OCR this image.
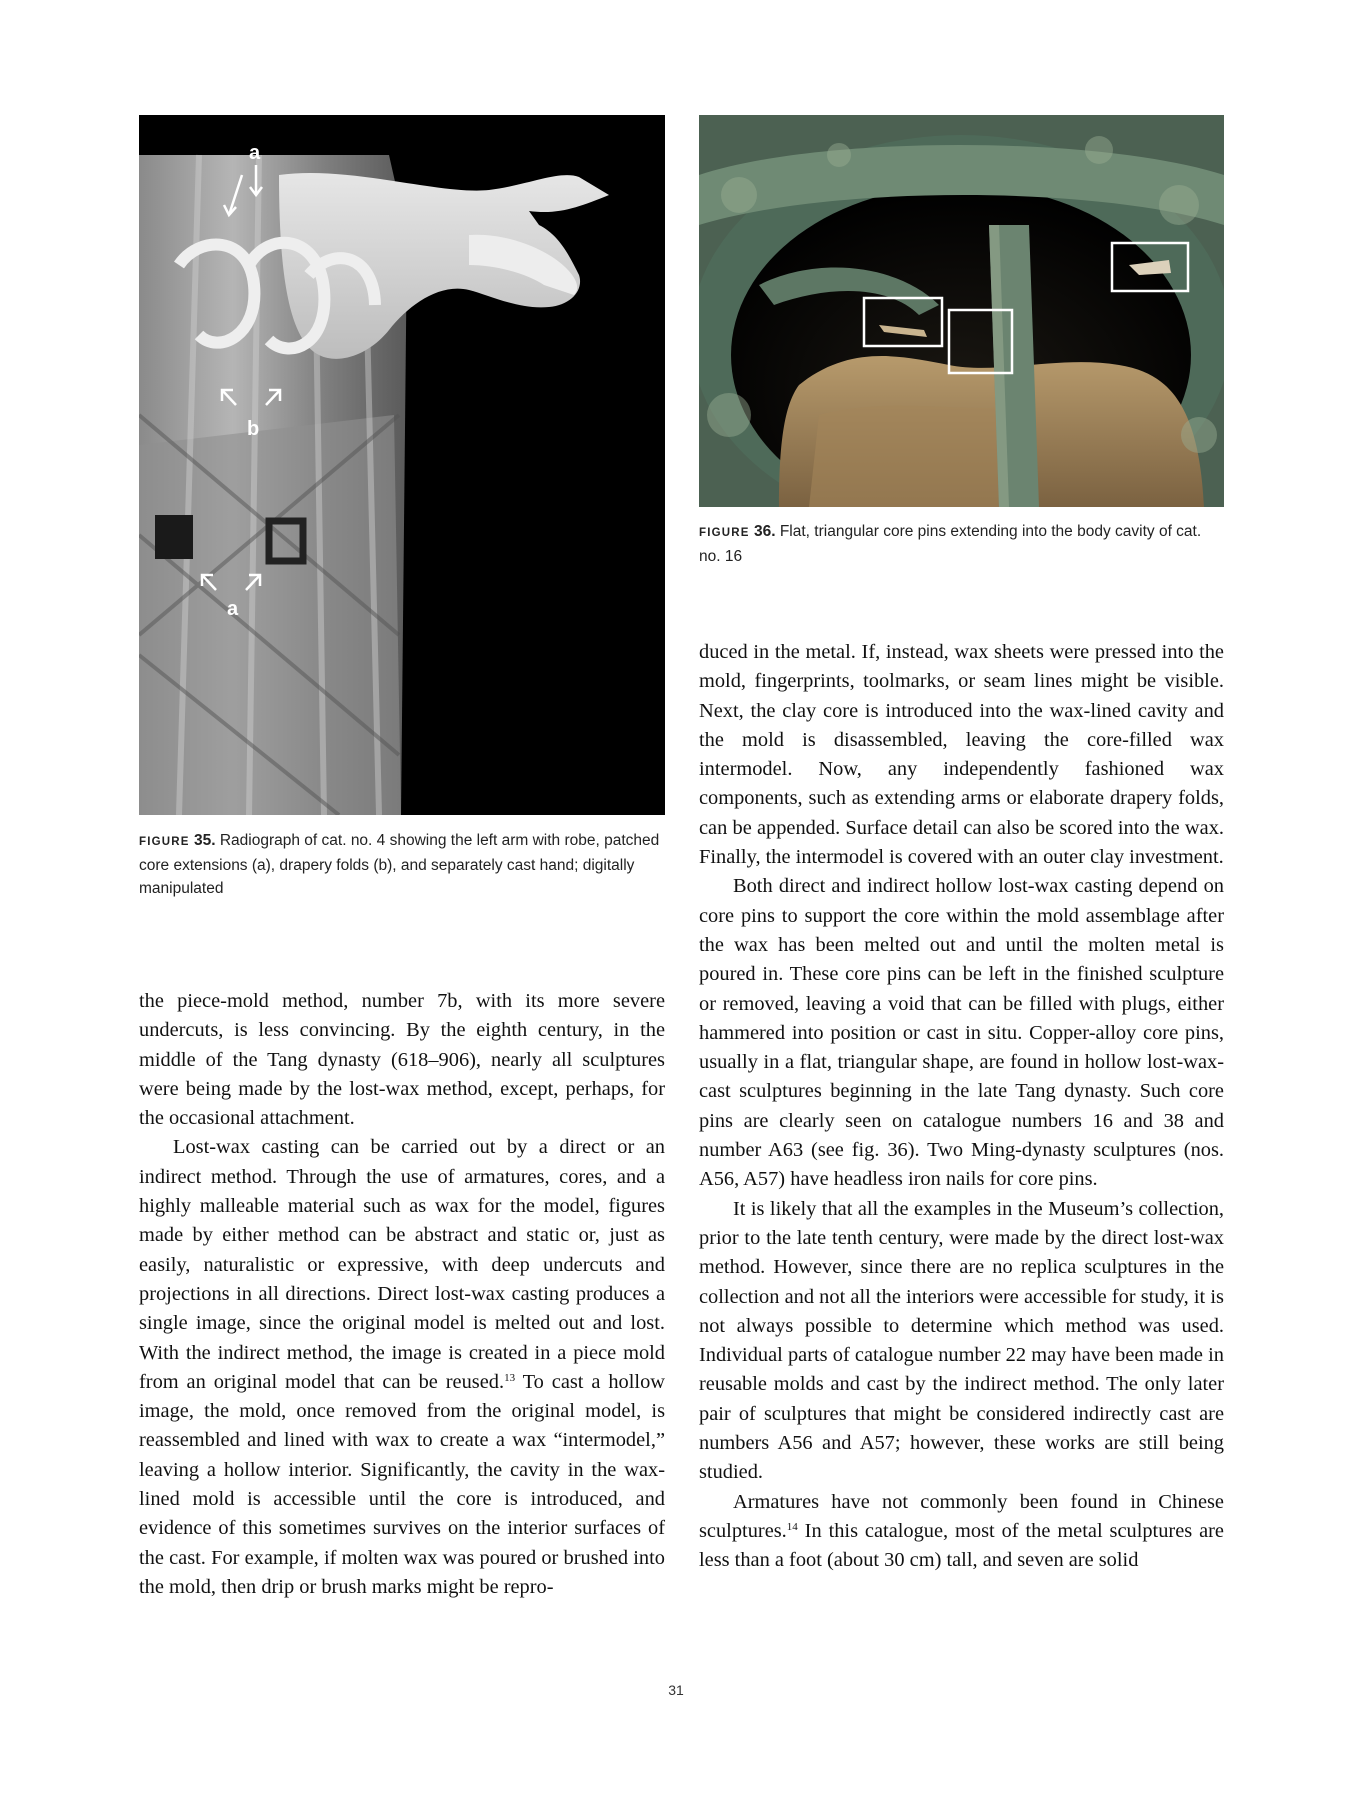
a
b
a
FIGURE 35. Radiograph of cat. no. 4 showing the left arm with robe, patched core extensions (a), drapery folds (b), and separately cast hand; digitally manipulated
FIGURE 36. Flat, triangular core pins extending into the body cavity of cat. no. 16

the piece-mold method, number 7b, with its more severe undercuts, is less convincing. By the eighth century, in the middle of the Tang dynasty (618–906), nearly all sculptures were being made by the lost-wax method, except, perhaps, for the occasional attachment.

Lost-wax casting can be carried out by a direct or an indirect method. Through the use of armatures, cores, and a highly malleable material such as wax for the model, figures made by either method can be abstract and static or, just as easily, naturalistic or expressive, with deep undercuts and projections in all directions. Direct lost-wax casting produces a single image, since the original model is melted out and lost. With the indirect method, the image is created in a piece mold from an original model that can be reused.$^{13}$ To cast a hollow image, the mold, once removed from the original model, is reassembled and lined with wax to create a wax “intermodel,” leaving a hollow interior. Significantly, the cavity in the wax-lined mold is accessible until the core is introduced, and evidence of this sometimes survives on the interior surfaces of the cast. For example, if molten wax was poured or brushed into the mold, then drip or brush marks might be repro-

duced in the metal. If, instead, wax sheets were pressed into the mold, fingerprints, toolmarks, or seam lines might be visible. Next, the clay core is introduced into the wax-lined cavity and the mold is disassembled, leaving the core-filled wax intermodel. Now, any independently fashioned wax components, such as extending arms or elaborate drapery folds, can be appended. Surface detail can also be scored into the wax. Finally, the intermodel is covered with an outer clay investment.

Both direct and indirect hollow lost-wax casting depend on core pins to support the core within the mold assemblage after the wax has been melted out and until the molten metal is poured in. These core pins can be left in the finished sculpture or removed, leaving a void that can be filled with plugs, either hammered into position or cast in situ. Copper-alloy core pins, usually in a flat, triangular shape, are found in hollow lost-wax-cast sculptures beginning in the late Tang dynasty. Such core pins are clearly seen on catalogue numbers 16 and 38 and number A63 (see fig. 36). Two Ming-dynasty sculptures (nos. A56, A57) have headless iron nails for core pins.

It is likely that all the examples in the Museum’s collection, prior to the late tenth century, were made by the direct lost-wax method. However, since there are no replica sculptures in the collection and not all the interiors were accessible for study, it is not always possible to determine which method was used. Individual parts of catalogue number 22 may have been made in reusable molds and cast by the indirect method. The only later pair of sculptures that might be considered indirectly cast are numbers A56 and A57; however, these works are still being studied.

Armatures have not commonly been found in Chinese sculptures.$^{14}$ In this catalogue, most of the metal sculptures are less than a foot (about 30 cm) tall, and seven are solid

31
